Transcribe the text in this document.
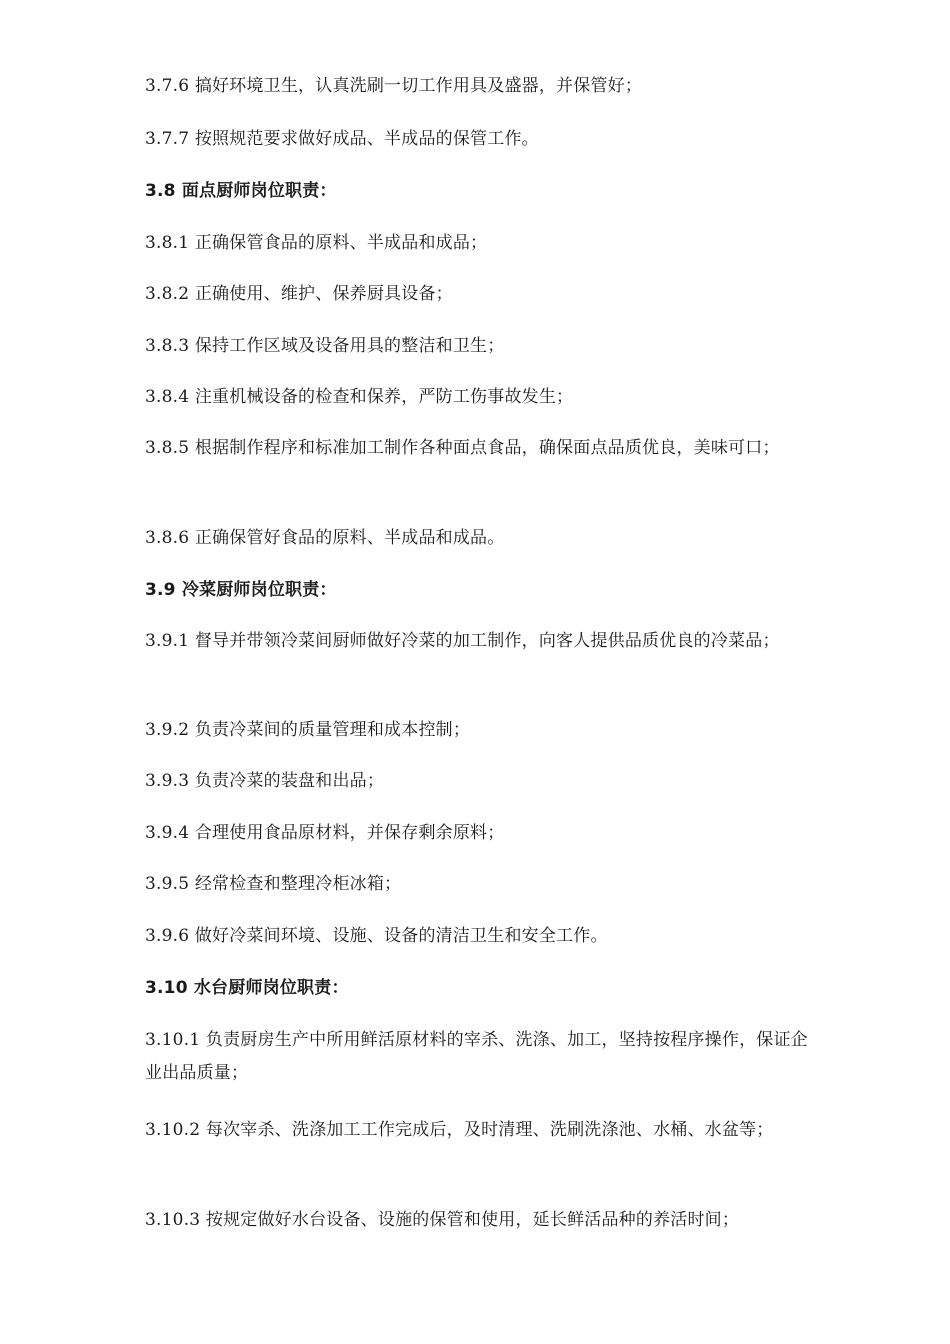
3.7.6 搞好环境卫生，认真洗刷一切工作用具及盛器，并保管好；

3.7.7 按照规范要求做好成品、半成品的保管工作。

3.8 面点厨师岗位职责：

3.8.1 正确保管食品的原料、半成品和成品；

3.8.2 正确使用、维护、保养厨具设备；

3.8.3 保持工作区域及设备用具的整洁和卫生；

3.8.4 注重机械设备的检查和保养，严防工伤事故发生；

3.8.5 根据制作程序和标准加工制作各种面点食品，确保面点品质优良，美味可口；

3.8.6 正确保管好食品的原料、半成品和成品。

3.9 冷菜厨师岗位职责：

3.9.1 督导并带领冷菜间厨师做好冷菜的加工制作，向客人提供品质优良的冷菜品；

3.9.2 负责冷菜间的质量管理和成本控制；

3.9.3 负责冷菜的装盘和出品；

3.9.4 合理使用食品原材料，并保存剩余原料；

3.9.5 经常检查和整理冷柜冰箱；

3.9.6 做好冷菜间环境、设施、设备的清洁卫生和安全工作。

3.10 水台厨师岗位职责：

3.10.1 负责厨房生产中所用鲜活原材料的宰杀、洗涤、加工，坚持按程序操作，保证企业出品质量；

3.10.2 每次宰杀、洗涤加工工作完成后，及时清理、洗刷洗涤池、水桶、水盆等；

3.10.3 按规定做好水台设备、设施的保管和使用，延长鲜活品种的养活时间；
